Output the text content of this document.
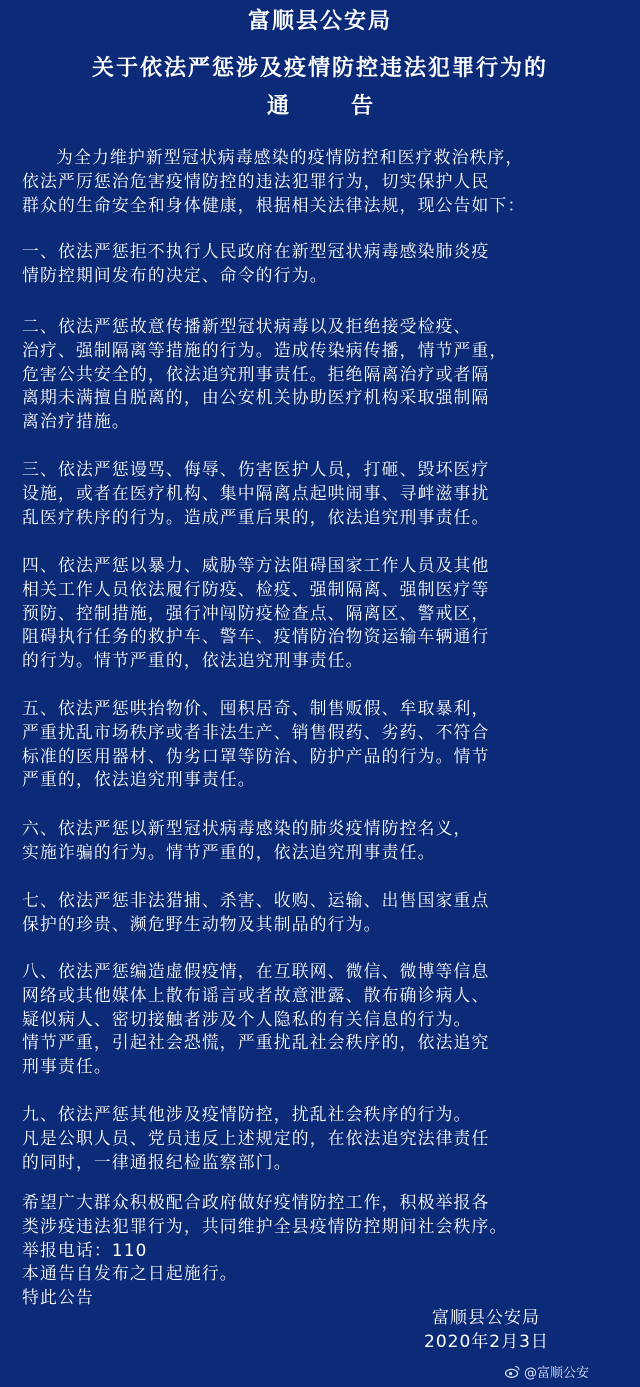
富顺县公安局
关于依法严惩涉及疫情防控违法犯罪行为的
通	告
为全力维护新型冠状病毒感染的疫情防控和医疗救治秩序，
依法严厉惩治危害疫情防控的违法犯罪行为，切实保护人民
群众的生命安全和身体健康，根据相关法律法规，现公告如下：
一、依法严惩拒不执行人民政府在新型冠状病毒感染肺炎疫
情防控期间发布的决定、命令的行为。
二、依法严惩故意传播新型冠状病毒以及拒绝接受检疫、
治疗、强制隔离等措施的行为。造成传染病传播，情节严重，
危害公共安全的，依法追究刑事责任。拒绝隔离治疗或者隔
离期未满擅自脱离的，由公安机关协助医疗机构采取强制隔
离治疗措施。
三、依法严惩谩骂、侮辱、伤害医护人员，打砸、毁坏医疗
设施，或者在医疗机构、集中隔离点起哄闹事、寻衅滋事扰
乱医疗秩序的行为。造成严重后果的，依法追究刑事责任。
四、依法严惩以暴力、威胁等方法阻碍国家工作人员及其他
相关工作人员依法履行防疫、检疫、强制隔离、强制医疗等
预防、控制措施，强行冲闯防疫检查点、隔离区、警戒区，
阻碍执行任务的救护车、警车、疫情防治物资运输车辆通行
的行为。情节严重的，依法追究刑事责任。
五、依法严惩哄抬物价、囤积居奇、制售贩假、牟取暴利，
严重扰乱市场秩序或者非法生产、销售假药、劣药、不符合
标准的医用器材、伪劣口罩等防治、防护产品的行为。情节
严重的，依法追究刑事责任。
六、依法严惩以新型冠状病毒感染的肺炎疫情防控名义，
实施诈骗的行为。情节严重的，依法追究刑事责任。
七、依法严惩非法猎捕、杀害、收购、运输、出售国家重点
保护的珍贵、濒危野生动物及其制品的行为。
八、依法严惩编造虚假疫情，在互联网、微信、微博等信息
网络或其他媒体上散布谣言或者故意泄露、散布确诊病人、
疑似病人、密切接触者涉及个人隐私的有关信息的行为。
情节严重，引起社会恐慌，严重扰乱社会秩序的，依法追究
刑事责任。
九、依法严惩其他涉及疫情防控，扰乱社会秩序的行为。
凡是公职人员、党员违反上述规定的，在依法追究法律责任
的同时，一律通报纪检监察部门。
希望广大群众积极配合政府做好疫情防控工作，积极举报各
类涉疫违法犯罪行为，共同维护全县疫情防控期间社会秩序。
举报电话：110
本通告自发布之日起施行。
特此公告
富顺县公安局
2020年2月3日
@富顺公安
